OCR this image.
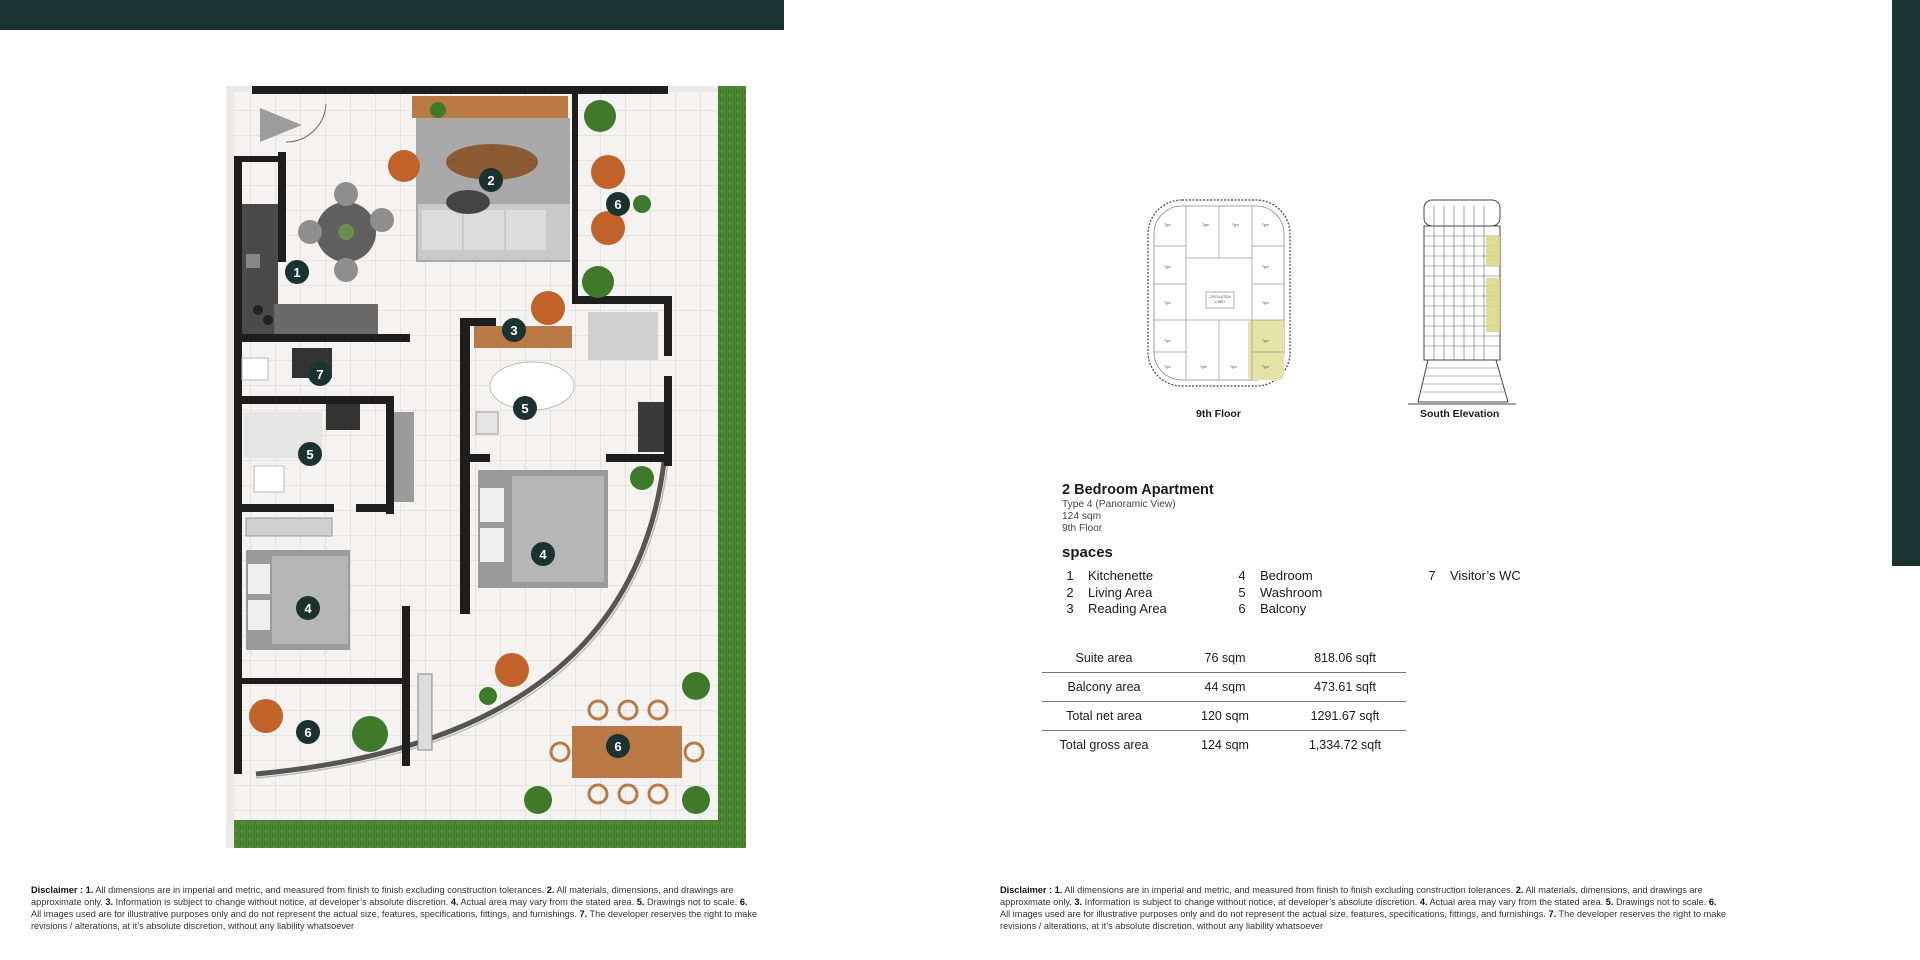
1
2
3
4
4
5
5
6
6
6
7
CIRCULATION
LOBBY
Type	Type	Type	Type
Type	Type
Type	Type
Type	Type
Type	Type	Type	Type
9th Floor	South Elevation
2 Bedroom Apartment
Type 4 (Panoramic View)
124 sqm
9th Floor
spaces
1 Kitchenette
2 Living Area
3 Reading Area
4 Bedroom
5 Washroom
6 Balcony
7 Visitor’s WC
Suite area	76 sqm	818.06 sqft
Balcony area	44 sqm	473.61 sqft
Total net area	120 sqm	1291.67 sqft
Total gross area	124 sqm	1,334.72 sqft
Disclaimer : 1. All dimensions are in imperial and metric, and measured from finish to finish excluding construction tolerances. 2. All materials, dimensions, and drawings are approximate only. 3. Information is subject to change without notice, at developer’s absolute discretion. 4. Actual area may vary from the stated area. 5. Drawings not to scale. 6. All images used are for illustrative purposes only and do not represent the actual size, features, specifications, fittings, and furnishings. 7. The developer reserves the right to make revisions / alterations, at it’s absolute discretion, without any liability whatsoever
Disclaimer : 1. All dimensions are in imperial and metric, and measured from finish to finish excluding construction tolerances. 2. All materials, dimensions, and drawings are approximate only. 3. Information is subject to change without notice, at developer’s absolute discretion. 4. Actual area may vary from the stated area. 5. Drawings not to scale. 6. All images used are for illustrative purposes only and do not represent the actual size, features, specifications, fittings, and furnishings. 7. The developer reserves the right to make revisions / alterations, at it’s absolute discretion, without any liability whatsoever
